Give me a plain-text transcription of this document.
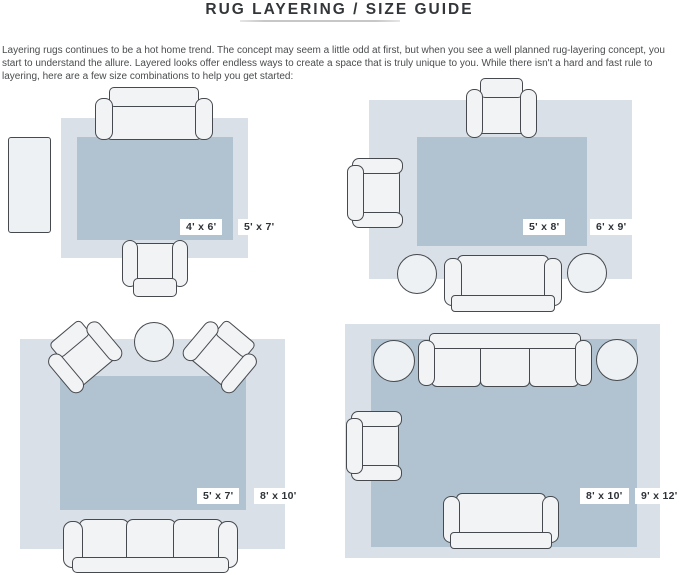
RUG LAYERING / SIZE GUIDE

Layering rugs continues to be a hot home trend. The concept may seem a little odd at first, but when you see a well planned rug-layering concept, you start to understand the allure. Layered looks offer endless ways to create a space that is truly unique to you. While there isn't a hard and fast rule to layering, here are a few size combinations to help you get started:

4' x 6'	5' x 7'	5' x 8'	6' x 9'
5' x 7'	8' x 10'	8' x 10'	9' x 12'
